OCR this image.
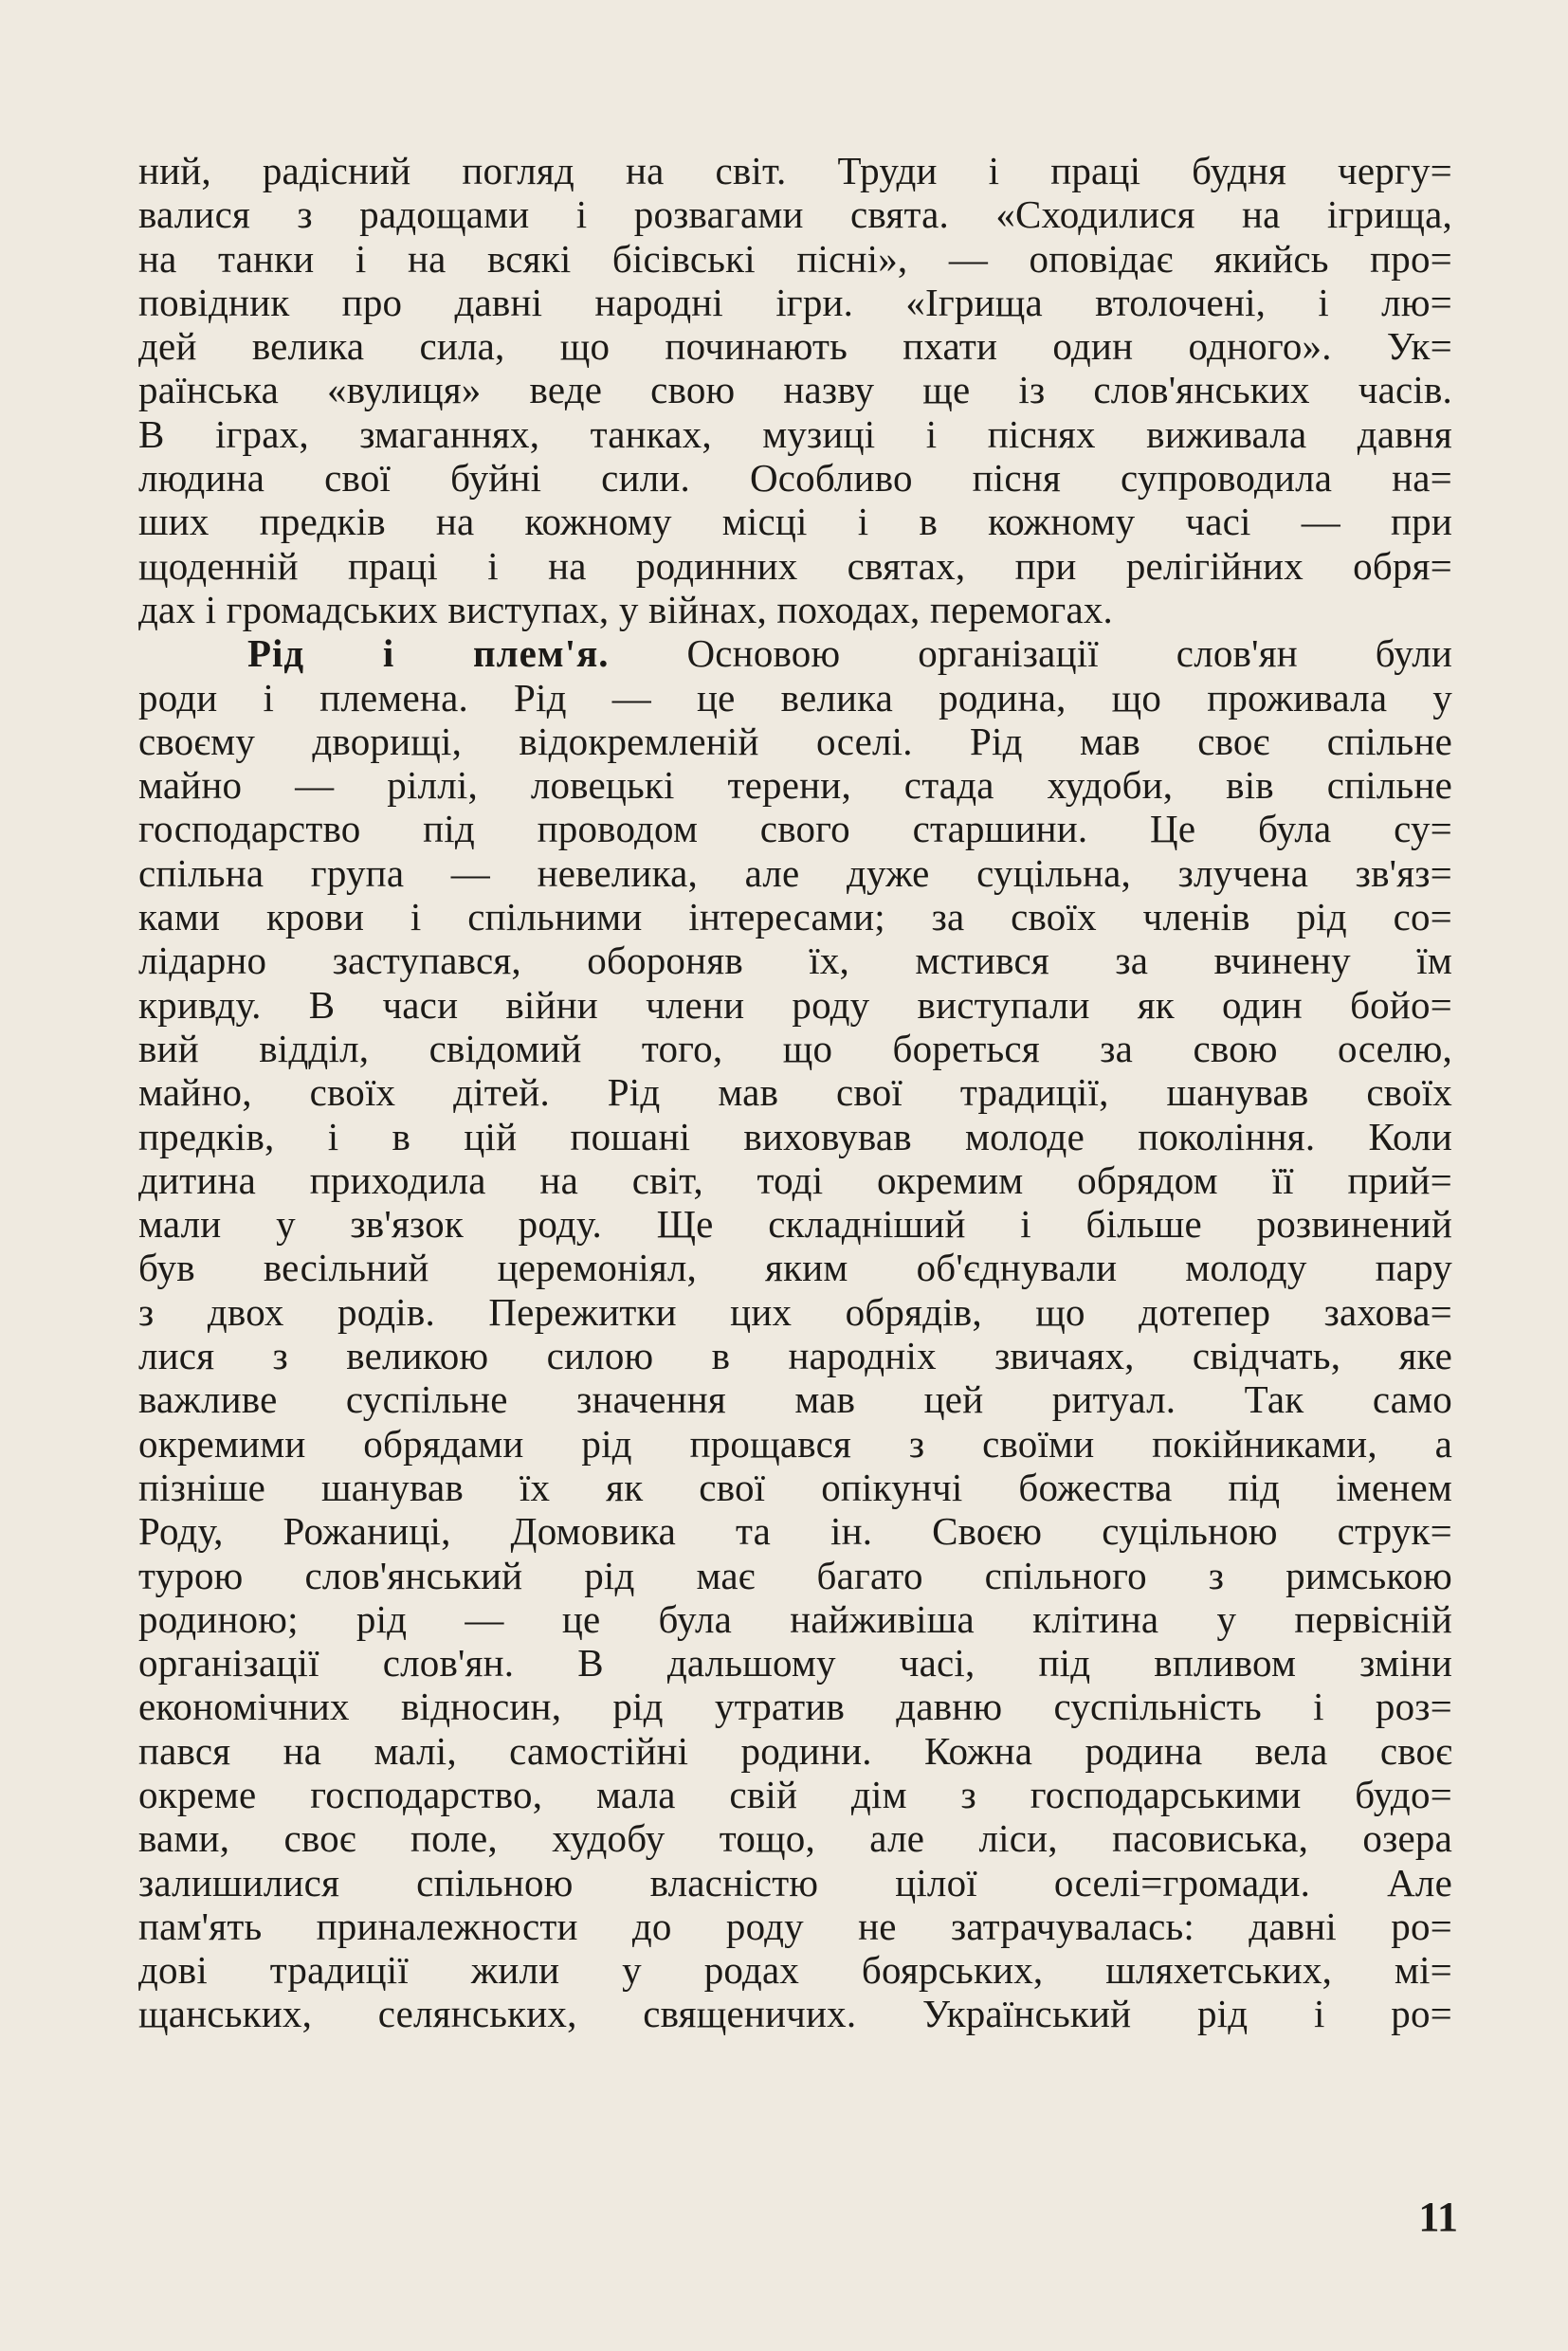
ний, радісний погляд на світ. Труди і праці будня чергу=
валися з радощами і розвагами свята. «Сходилися на ігрища,
на танки і на всякі бісівські пісні», — оповідає якийсь про=
повідник про давні народні ігри. «Ігрища втолочені, і лю=
дей велика сила, що починають пхати один одного». Ук=
раїнська «вулиця» веде свою назву ще із слов'янських часів.
В іграх, змаганнях, танках, музиці і піснях виживала давня
людина свої буйні сили. Особливо пісня супроводила на=
ших предків на кожному місці і в кожному часі — при
щоденній праці і на родинних святах, при релігійних обря=
дах і громадських виступах, у війнах, походах, перемогах.
Рід і плем'я. Основою організації слов'ян були
роди і племена. Рід — це велика родина, що проживала у
своєму дворищі, відокремленій оселі. Рід мав своє спільне
майно — ріллі, ловецькі терени, стада худоби, вів спільне
господарство під проводом свого старшини. Це була су=
спільна група — невелика, але дуже суцільна, злучена зв'яз=
ками крови і спільними інтересами; за своїх членів рід со=
лідарно заступався, обороняв їх, мстився за вчинену їм
кривду. В часи війни члени роду виступали як один бойо=
вий відділ, свідомий того, що бореться за свою оселю,
майно, своїх дітей. Рід мав свої традиції, шанував своїх
предків, і в цій пошані виховував молоде покоління. Коли
дитина приходила на світ, тоді окремим обрядом її прий=
мали у зв'язок роду. Ще складніший і більше розвинений
був весільний церемоніял, яким об'єднували молоду пару
з двох родів. Пережитки цих обрядів, що дотепер захова=
лися з великою силою в народніх звичаях, свідчать, яке
важливе суспільне значення мав цей ритуал. Так само
окремими обрядами рід прощався з своїми покійниками, а
пізніше шанував їх як свої опікунчі божества під іменем
Роду, Рожаниці, Домовика та ін. Своєю суцільною струк=
турою слов'янський рід має багато спільного з римською
родиною; рід — це була найживіша клітина у первісній
організації слов'ян. В дальшому часі, під впливом зміни
економічних відносин, рід утратив давню суспільність і роз=
пався на малі, самостійні родини. Кожна родина вела своє
окреме господарство, мала свій дім з господарськими будо=
вами, своє поле, худобу тощо, але ліси, пасовиська, озера
залишилися спільною власністю цілої оселі=громади. Але
пам'ять приналежности до роду не затрачувалась: давні ро=
дові традиції жили у родах боярських, шляхетських, мі=
щанських, селянських, священичих. Український рід і ро=
11
